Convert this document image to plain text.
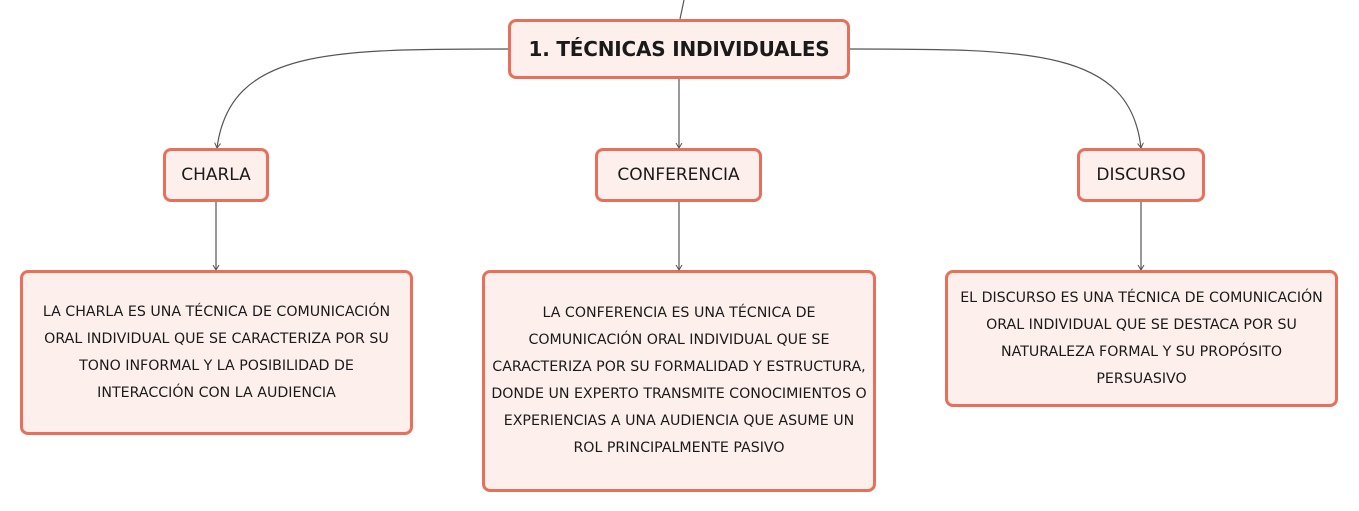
1. TÉCNICAS INDIVIDUALES
CHARLA	CONFERENCIA	DISCURSO
LA CHARLA ES UNA TÉCNICA DE COMUNICACIÓN ORAL INDIVIDUAL QUE SE CARACTERIZA POR SU TONO INFORMAL Y LA POSIBILIDAD DE INTERACCIÓN CON LA AUDIENCIA
LA CONFERENCIA ES UNA TÉCNICA DE COMUNICACIÓN ORAL INDIVIDUAL QUE SE CARACTERIZA POR SU FORMALIDAD Y ESTRUCTURA, DONDE UN EXPERTO TRANSMITE CONOCIMIENTOS O EXPERIENCIAS A UNA AUDIENCIA QUE ASUME UN ROL PRINCIPALMENTE PASIVO
EL DISCURSO ES UNA TÉCNICA DE COMUNICACIÓN ORAL INDIVIDUAL QUE SE DESTACA POR SU NATURALEZA FORMAL Y SU PROPÓSITO PERSUASIVO
